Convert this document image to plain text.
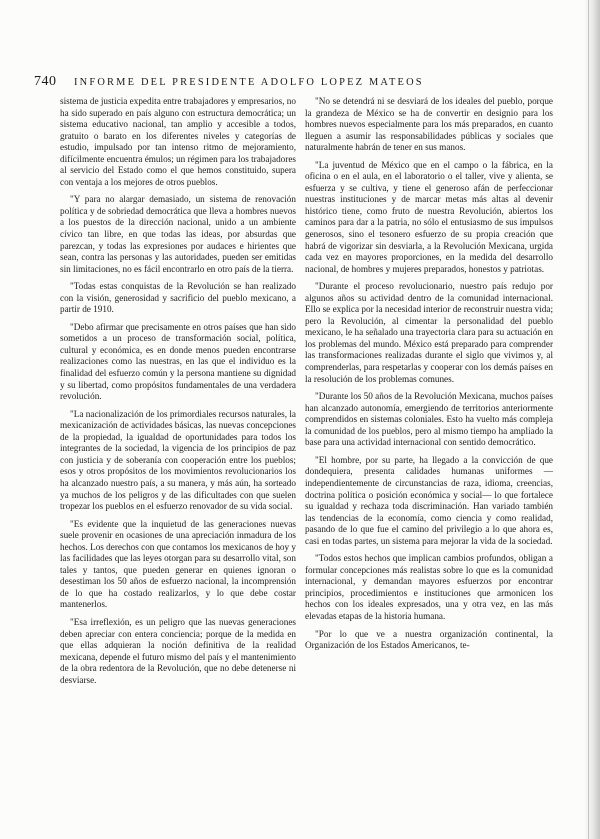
740	INFORME DEL PRESIDENTE ADOLFO LOPEZ MATEOS

sistema de justicia expedita entre trabajadores y empresarios, no ha sido superado en país alguno con estructura democrática; un sistema educativo nacional, tan amplio y accesible a todos, gratuito o barato en los diferentes niveles y categorías de estudio, impulsado por tan intenso ritmo de mejoramiento, difícilmente encuentra émulos; un régimen para los trabajadores al servicio del Estado como el que hemos constituido, supera con ventaja a los mejores de otros pueblos.

"Y para no alargar demasiado, un sistema de renovación política y de sobriedad democrática que lleva a hombres nuevos a los puestos de la dirección nacional, unido a un ambiente cívico tan libre, en que todas las ideas, por absurdas que parezcan, y todas las expresiones por audaces e hirientes que sean, contra las personas y las autoridades, pueden ser emitidas sin limitaciones, no es fácil encontrarlo en otro país de la tierra.

"Todas estas conquistas de la Revolución se han realizado con la visión, generosidad y sacrificio del pueblo mexicano, a partir de 1910.

"Debo afirmar que precisamente en otros países que han sido sometidos a un proceso de transformación social, política, cultural y económica, es en donde menos pueden encontrarse realizaciones como las nuestras, en las que el individuo es la finalidad del esfuerzo común y la persona mantiene su dignidad y su libertad, como propósitos fundamentales de una verdadera revolución.

"La nacionalización de los primordiales recursos naturales, la mexicanización de actividades básicas, las nuevas concepciones de la propiedad, la igualdad de oportunidades para todos los integrantes de la sociedad, la vigencia de los principios de paz con justicia y de soberanía con cooperación entre los pueblos; esos y otros propósitos de los movimientos revolucionarios los ha alcanzado nuestro país, a su manera, y más aún, ha sorteado ya muchos de los peligros y de las dificultades con que suelen tropezar los pueblos en el esfuerzo renovador de su vida social.

"Es evidente que la inquietud de las generaciones nuevas suele provenir en ocasiones de una apreciación inmadura de los hechos. Los derechos con que contamos los mexicanos de hoy y las facilidades que las leyes otorgan para su desarrollo vital, son tales y tantos, que pueden generar en quienes ignoran o desestiman los 50 años de esfuerzo nacional, la incomprensión de lo que ha costado realizarlos, y lo que debe costar mantenerlos.

"Esa irreflexión, es un peligro que las nuevas generaciones deben apreciar con entera conciencia; porque de la medida en que ellas adquieran la noción definitiva de la realidad mexicana, depende el futuro mismo del país y el mantenimiento de la obra redentora de la Revolución, que no debe detenerse ni desviarse.

"No se detendrá ni se desviará de los ideales del pueblo, porque la grandeza de México se ha de convertir en designio para los hombres nuevos especialmente para los más preparados, en cuanto lleguen a asumir las responsabilidades públicas y sociales que naturalmente habrán de tener en sus manos.

"La juventud de México que en el campo o la fábrica, en la oficina o en el aula, en el laboratorio o el taller, vive y alienta, se esfuerza y se cultiva, y tiene el generoso afán de perfeccionar nuestras instituciones y de marcar metas más altas al devenir histórico tiene, como fruto de nuestra Revolución, abiertos los caminos para dar a la patria, no sólo el entusiasmo de sus impulsos generosos, sino el tesonero esfuerzo de su propia creación que habrá de vigorizar sin desviarla, a la Revolución Mexicana, urgida cada vez en mayores proporciones, en la medida del desarrollo nacional, de hombres y mujeres preparados, honestos y patriotas.

"Durante el proceso revolucionario, nuestro país redujo por algunos años su actividad dentro de la comunidad internacional. Ello se explica por la necesidad interior de reconstruir nuestra vida; pero la Revolución, al cimentar la personalidad del pueblo mexicano, le ha señalado una trayectoria clara para su actuación en los problemas del mundo. México está preparado para comprender las transformaciones realizadas durante el siglo que vivimos y, al comprenderlas, para respetarlas y cooperar con los demás países en la resolución de los problemas comunes.

"Durante los 50 años de la Revolución Mexicana, muchos países han alcanzado autonomía, emergiendo de territorios anteriormente comprendidos en sistemas coloniales. Esto ha vuelto más compleja la comunidad de los pueblos, pero al mismo tiempo ha ampliado la base para una actividad internacional con sentido democrático.

"El hombre, por su parte, ha llegado a la convicción de que dondequiera, presenta calidades humanas uniformes —independientemente de circunstancias de raza, idioma, creencias, doctrina política o posición económica y social— lo que fortalece su igualdad y rechaza toda discriminación. Han variado también las tendencias de la economía, como ciencia y como realidad, pasando de lo que fue el camino del privilegio a lo que ahora es, casi en todas partes, un sistema para mejorar la vida de la sociedad.

"Todos estos hechos que implican cambios profundos, obligan a formular concepciones más realistas sobre lo que es la comunidad internacional, y demandan mayores esfuerzos por encontrar principios, procedimientos e instituciones que armonicen los hechos con los ideales expresados, una y otra vez, en las más elevadas etapas de la historia humana.

"Por lo que ve a nuestra organización continental, la Organización de los Estados Americanos, te-
